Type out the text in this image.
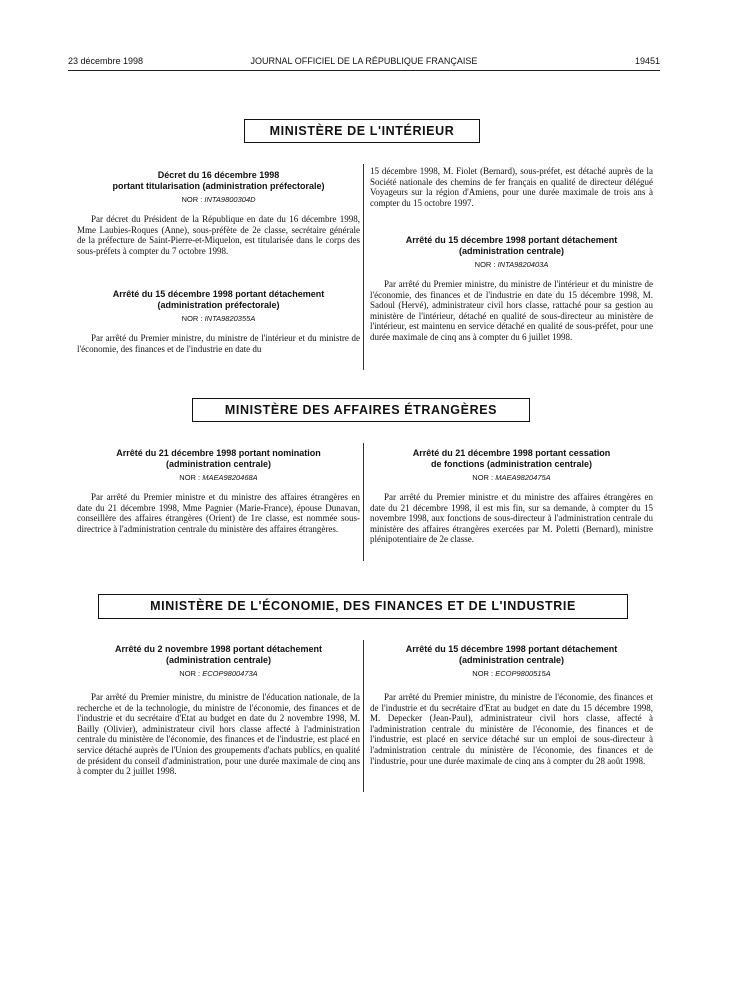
23 décembre 1998	JOURNAL OFFICIEL DE LA RÉPUBLIQUE FRANÇAISE	19451
MINISTÈRE DE L'INTÉRIEUR

Décret du 16 décembre 1998
portant titularisation (administration préfectorale)

NOR : INTA9800304D

Par décret du Président de la République en date du 16 décembre 1998, Mme Laubies-Roques (Anne), sous-préfète de 2e classe, secrétaire générale de la préfecture de Saint-Pierre-et-Miquelon, est titularisée dans le corps des sous-préfets à compter du 7 octobre 1998.

Arrêté du 15 décembre 1998 portant détachement
(administration préfectorale)

NOR : INTA9820355A

Par arrêté du Premier ministre, du ministre de l'intérieur et du ministre de l'économie, des finances et de l'industrie en date du

15 décembre 1998, M. Fiolet (Bernard), sous-préfet, est détaché auprès de la Société nationale des chemins de fer français en qualité de directeur délégué Voyageurs sur la région d'Amiens, pour une durée maximale de trois ans à compter du 15 octobre 1997.

Arrêté du 15 décembre 1998 portant détachement
(administration centrale)

NOR : INTA9820403A

Par arrêté du Premier ministre, du ministre de l'intérieur et du ministre de l'économie, des finances et de l'industrie en date du 15 décembre 1998, M. Sadoul (Hervé), administrateur civil hors classe, rattaché pour sa gestion au ministère de l'intérieur, détaché en qualité de sous-directeur au ministère de l'intérieur, est maintenu en service détaché en qualité de sous-préfet, pour une durée maximale de cinq ans à compter du 6 juillet 1998.

MINISTÈRE DES AFFAIRES ÉTRANGÈRES

Arrêté du 21 décembre 1998 portant nomination
(administration centrale)

NOR : MAEA9820468A

Par arrêté du Premier ministre et du ministre des affaires étrangères en date du 21 décembre 1998, Mme Pagnier (Marie-France), épouse Dunavan, conseillère des affaires étrangères (Orient) de 1re classe, est nommée sous-directrice à l'administration centrale du ministère des affaires étrangères.

Arrêté du 21 décembre 1998 portant cessation
de fonctions (administration centrale)

NOR : MAEA9820475A

Par arrêté du Premier ministre et du ministre des affaires étrangères en date du 21 décembre 1998, il est mis fin, sur sa demande, à compter du 15 novembre 1998, aux fonctions de sous-directeur à l'administration centrale du ministère des affaires étrangères exercées par M. Poletti (Bernard), ministre plénipotentiaire de 2e classe.

MINISTÈRE DE L'ÉCONOMIE, DES FINANCES ET DE L'INDUSTRIE

Arrêté du 2 novembre 1998 portant détachement
(administration centrale)

NOR : ECOP9800473A

Par arrêté du Premier ministre, du ministre de l'éducation nationale, de la recherche et de la technologie, du ministre de l'économie, des finances et de l'industrie et du secrétaire d'Etat au budget en date du 2 novembre 1998, M. Bailly (Olivier), administrateur civil hors classe affecté à l'administration centrale du ministère de l'économie, des finances et de l'industrie, est placé en service détaché auprès de l'Union des groupements d'achats publics, en qualité de président du conseil d'administration, pour une durée maximale de cinq ans à compter du 2 juillet 1998.

Arrêté du 15 décembre 1998 portant détachement
(administration centrale)

NOR : ECOP9800515A

Par arrêté du Premier ministre, du ministre de l'économie, des finances et de l'industrie et du secrétaire d'Etat au budget en date du 15 décembre 1998, M. Depecker (Jean-Paul), administrateur civil hors classe, affecté à l'administration centrale du ministère de l'économie, des finances et de l'industrie, est placé en service détaché sur un emploi de sous-directeur à l'administration centrale du ministère de l'économie, des finances et de l'industrie, pour une durée maximale de cinq ans à compter du 28 août 1998.
